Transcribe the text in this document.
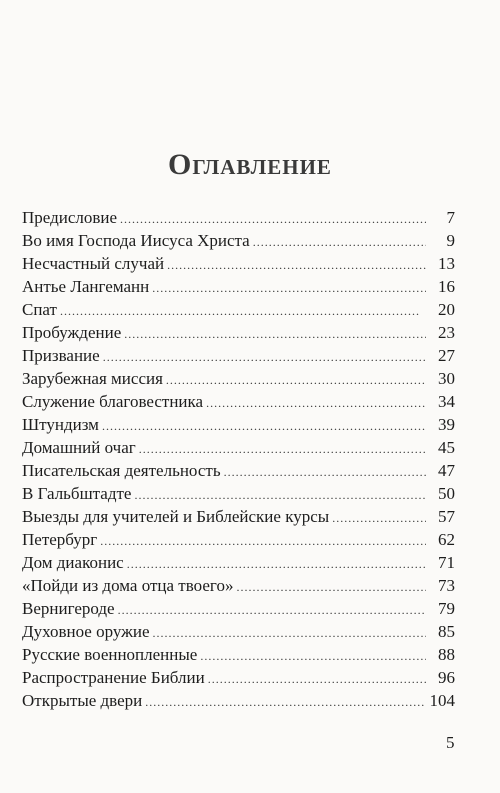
Оглавление
Предисловие . . .	7
Во имя Господа Иисуса Христа . . .	9
Несчастный случай . . .	13
Антье Лангеманн . . .	16
Спат . . .	20
Пробуждение . . .	23
Призвание . . .	27
Зарубежная миссия . . .	30
Служение благовестника . . .	34
Штундизм . . .	39
Домашний очаг . . .	45
Писательская деятельность . . .	47
В Гальбштадте . . .	50
Выезды для учителей и Библейские курсы . . .	57
Петербург . . .	62
Дом диаконис . . .	71
«Пойди из дома отца твоего» . . .	73
Вернигероде . . .	79
Духовное оружие . . .	85
Русские военнопленные . . .	88
Распространение Библии . . .	96
Открытые двери . . .	104
5
